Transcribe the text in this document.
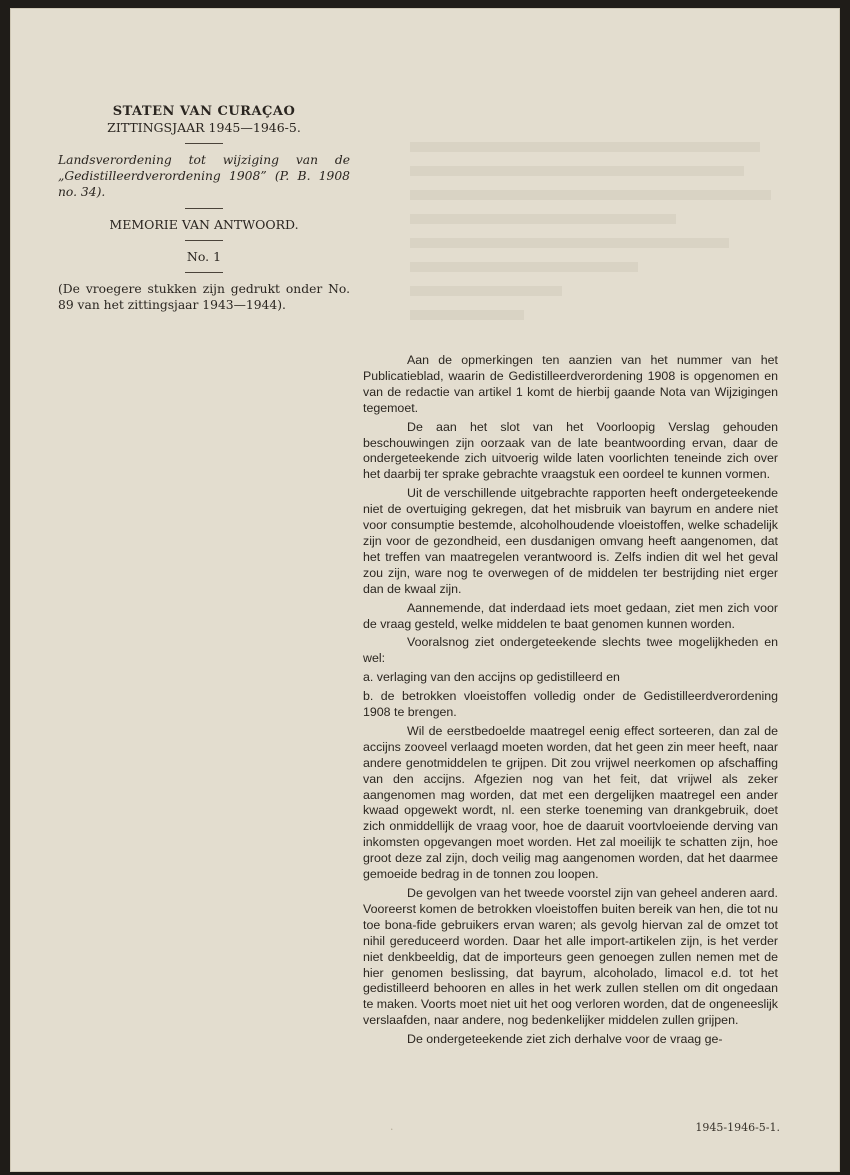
STATEN VAN CURAÇAO
ZITTINGSJAAR 1945—1946-5.
Landsverordening tot wijziging van de „Gedistilleerdverordening 1908” (P. B. 1908 no. 34).
MEMORIE VAN ANTWOORD.
No. 1
(De vroegere stukken zijn gedrukt onder No. 89 van het zittingsjaar 1943—1944).

Aan de opmerkingen ten aanzien van het nummer van het Publicatieblad, waarin de Gedistilleerdverordening 1908 is opgenomen en van de redactie van artikel 1 komt de hierbij gaande Nota van Wijzigingen tegemoet.

De aan het slot van het Voorloopig Verslag gehouden beschouwingen zijn oorzaak van de late beantwoording ervan, daar de ondergeteekende zich uitvoerig wilde laten voorlichten teneinde zich over het daarbij ter sprake gebrachte vraagstuk een oordeel te kunnen vormen.

Uit de verschillende uitgebrachte rapporten heeft ondergeteekende niet de overtuiging gekregen, dat het misbruik van bayrum en andere niet voor consumptie bestemde, alcoholhoudende vloeistoffen, welke schadelijk zijn voor de gezondheid, een dusdanigen omvang heeft aangenomen, dat het treffen van maatregelen verantwoord is. Zelfs indien dit wel het geval zou zijn, ware nog te overwegen of de middelen ter bestrijding niet erger dan de kwaal zijn.

Aannemende, dat inderdaad iets moet gedaan, ziet men zich voor de vraag gesteld, welke middelen te baat genomen kunnen worden.

Vooralsnog ziet ondergeteekende slechts twee mogelijkheden en wel:

a. verlaging van den accijns op gedistilleerd en

b. de betrokken vloeistoffen volledig onder de Gedistilleerdverordening 1908 te brengen.

Wil de eerstbedoelde maatregel eenig effect sorteeren, dan zal de accijns zooveel verlaagd moeten worden, dat het geen zin meer heeft, naar andere genotmiddelen te grijpen. Dit zou vrijwel neerkomen op afschaffing van den accijns. Afgezien nog van het feit, dat vrijwel als zeker aangenomen mag worden, dat met een dergelijken maatregel een ander kwaad opgewekt wordt, nl. een sterke toeneming van drankgebruik, doet zich onmiddellijk de vraag voor, hoe de daaruit voortvloeiende derving van inkomsten opgevangen moet worden. Het zal moeilijk te schatten zijn, hoe groot deze zal zijn, doch veilig mag aangenomen worden, dat het daarmee gemoeide bedrag in de tonnen zou loopen.

De gevolgen van het tweede voorstel zijn van geheel anderen aard. Vooreerst komen de betrokken vloeistoffen buiten bereik van hen, die tot nu toe bona-fide gebruikers ervan waren; als gevolg hiervan zal de omzet tot nihil gereduceerd worden. Daar het alle import-artikelen zijn, is het verder niet denkbeeldig, dat de importeurs geen genoegen zullen nemen met de hier genomen beslissing, dat bayrum, alcoholado, limacol e.d. tot het gedistilleerd behooren en alles in het werk zullen stellen om dit ongedaan te maken. Voorts moet niet uit het oog verloren worden, dat de ongeneeslijk verslaafden, naar andere, nog bedenkelijker middelen zullen grijpen.

De ondergeteekende ziet zich derhalve voor de vraag ge-

·	1945-1946-5-1.
